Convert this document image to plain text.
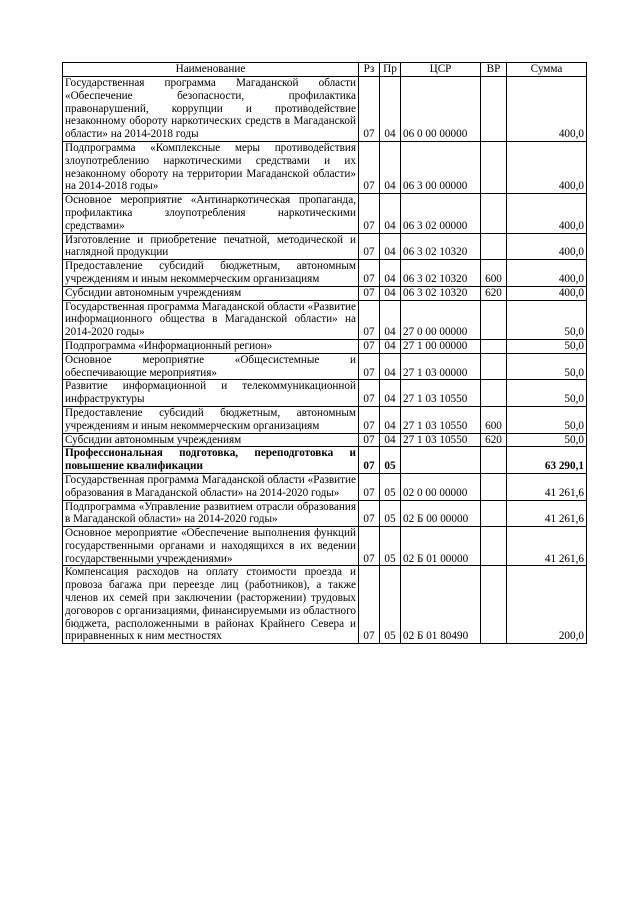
Наименование	Рз	Пр	ЦСР	ВР	Сумма
Государственная программа Магаданской области «Обеспечение безопасности, профилактика правонарушений, коррупции и противодействие незаконному обороту наркотических средств в Магаданской области» на 2014-2018 годы	07	04	06 0 00 00000		400,0
Подпрограмма «Комплексные меры противодействия злоупотреблению наркотическими средствами и их незаконному обороту на территории Магаданской области» на 2014-2018 годы»	07	04	06 3 00 00000		400,0
Основное мероприятие «Антинаркотическая пропаганда, профилактика злоупотребления наркотическими средствами»	07	04	06 3 02 00000		400,0
Изготовление и приобретение печатной, методической и наглядной продукции	07	04	06 3 02 10320		400,0
Предоставление субсидий бюджетным, автономным учреждениям и иным некоммерческим организациям	07	04	06 3 02 10320	600	400,0
Субсидии автономным учреждениям	07	04	06 3 02 10320	620	400,0
Государственная программа Магаданской области «Развитие информационного общества в Магаданской области» на 2014-2020 годы»	07	04	27 0 00 00000		50,0
Подпрограмма «Информационный регион»	07	04	27 1 00 00000		50,0
Основное мероприятие «Общесистемные и обеспечивающие мероприятия»	07	04	27 1 03 00000		50,0
Развитие информационной и телекоммуникационной инфраструктуры	07	04	27 1 03 10550		50,0
Предоставление субсидий бюджетным, автономным учреждениям и иным некоммерческим организациям	07	04	27 1 03 10550	600	50,0
Субсидии автономным учреждениям	07	04	27 1 03 10550	620	50,0
Профессиональная подготовка, переподготовка и повышение квалификации	07	05			63 290,1
Государственная программа Магаданской области «Развитие образования в Магаданской области» на 2014-2020 годы»	07	05	02 0 00 00000		41 261,6
Подпрограмма «Управление развитием отрасли образования в Магаданской области» на 2014-2020 годы»	07	05	02 Б 00 00000		41 261,6
Основное мероприятие «Обеспечение выполнения функций государственными органами и находящихся в их ведении государственными учреждениями»	07	05	02 Б 01 00000		41 261,6
Компенсация расходов на оплату стоимости проезда и провоза багажа при переезде лиц (работников), а также членов их семей при заключении (расторжении) трудовых договоров с организациями, финансируемыми из областного бюджета, расположенными в районах Крайнего Севера и приравненных к ним местностях	07	05	02 Б 01 80490		200,0
